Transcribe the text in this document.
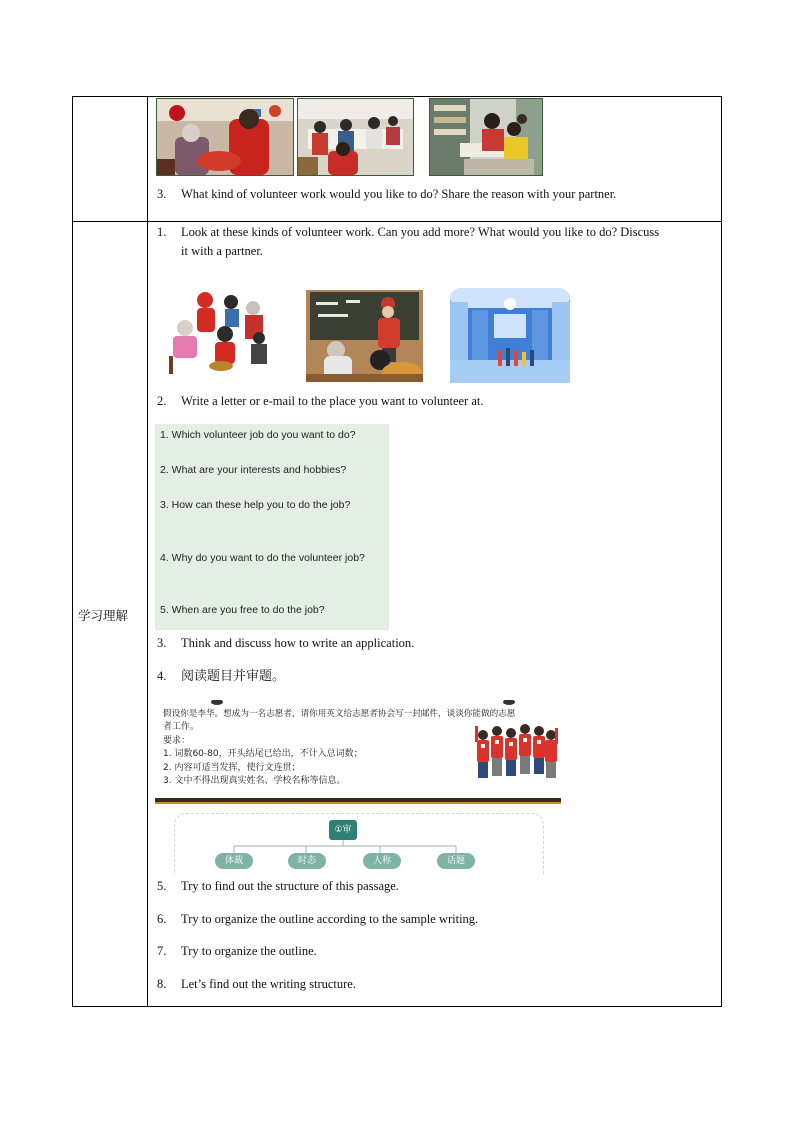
学习理解
3. What kind of volunteer work would you like to do? Share the reason with your partner.
1. Look at these kinds of volunteer work. Can you add more? What would you like to do? Discuss
it with a partner.
2. Write a letter or e-mail to the place you want to volunteer at.
1. Which volunteer job do you want to do?
2. What are your interests and hobbies?
3. How can these help you to do the job?
4. Why do you want to do the volunteer job?
5. When are you free to do the job?
3. Think and discuss how to write an application.
4. 阅读题目并审题。
假设你是李华。想成为一名志愿者，请你用英文给志愿者协会写一封邮件，谈谈你能做的志愿
者工作。
要求：
1. 词数60-80，开头结尾已给出，不计入总词数；
2. 内容可适当发挥，使行文连贯；
3. 文中不得出现真实姓名、学校名称等信息。
①审
体裁	时态	人称	话题
5. Try to find out the structure of this passage.
6. Try to organize the outline according to the sample writing.
7. Try to organize the outline.
8. Let’s find out the writing structure.
